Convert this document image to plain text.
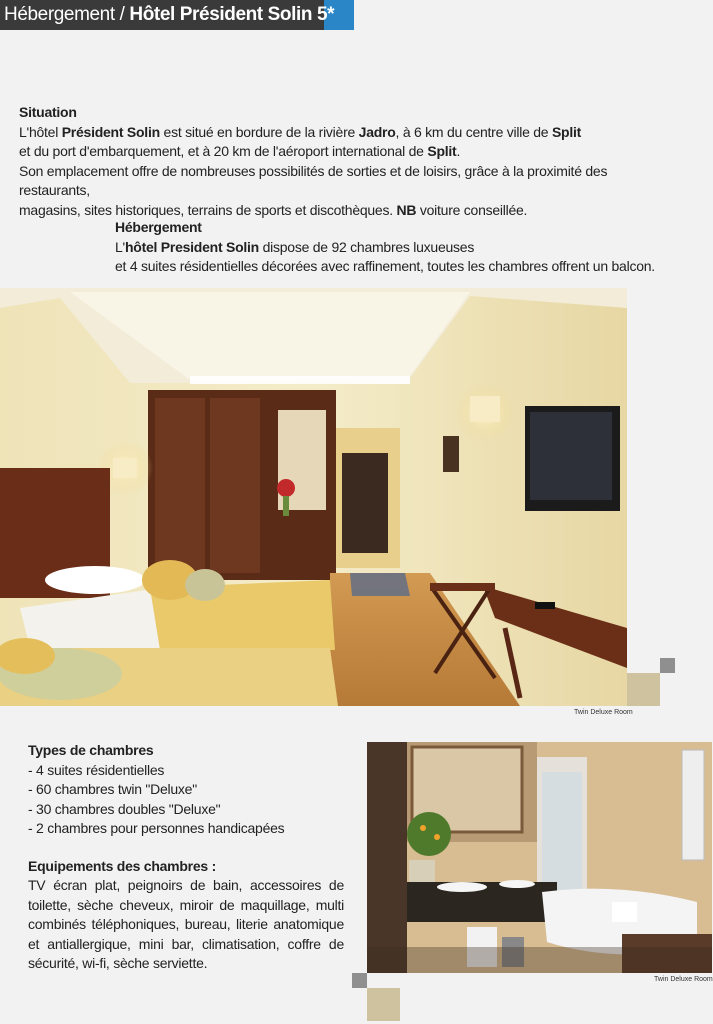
Hébergement / Hôtel Président Solin 5*

Situation

L'hôtel Président Solin est situé en bordure de la rivière Jadro, à 6 km du centre ville de Split

et du port d'embarquement, et à 20 km de l'aéroport international de Split.

Son emplacement offre de nombreuses possibilités de sorties et de loisirs, grâce à la proximité des restaurants,

magasins, sites historiques, terrains de sports et discothèques. NB voiture conseillée.

Hébergement

L'hôtel President Solin dispose de 92 chambres luxueuses

et 4 suites résidentielles décorées avec raffinement, toutes les chambres offrent un balcon.

Twin Deluxe Room
Types de chambres
- 4 suites résidentielles
- 60 chambres twin "Deluxe"
- 30 chambres doubles "Deluxe"
- 2 chambres pour personnes handicapées
Equipements des chambres :
TV écran plat, peignoirs de bain, accessoires de toilette, sèche cheveux, miroir de maquillage, multi combinés téléphoniques, bureau, literie anatomique et antiallergique, mini bar, climatisation, coffre de sécurité, wi-fi, sèche serviette.
Twin Deluxe Room
